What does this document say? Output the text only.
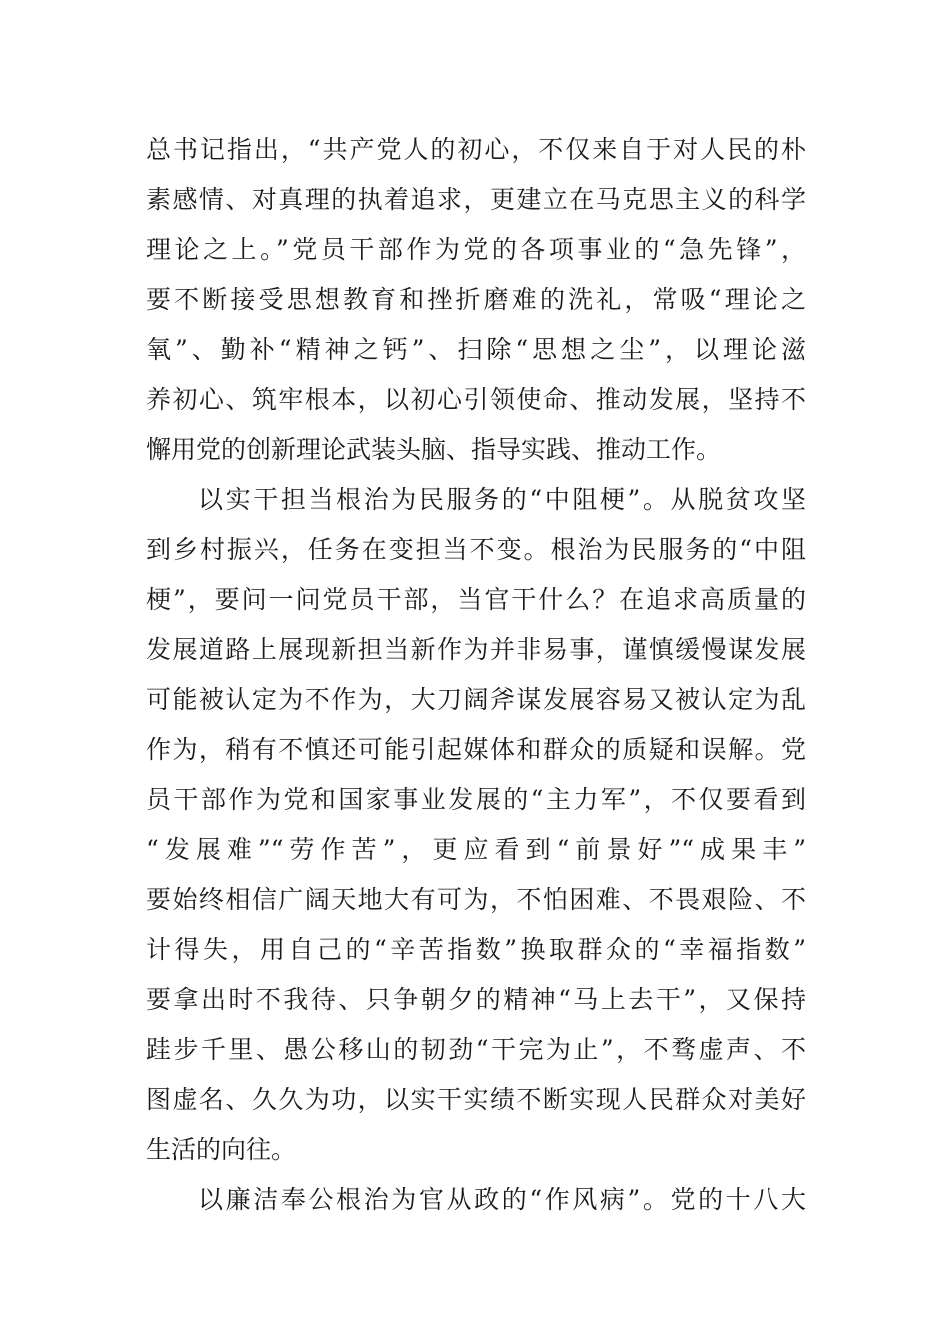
总书记指出，“共产党人的初心，不仅来自于对人民的朴
素感情、对真理的执着追求，更建立在马克思主义的科学
理论之上。”党员干部作为党的各项事业的“急先锋”，
要不断接受思想教育和挫折磨难的洗礼，常吸“理论之
氧”、勤补“精神之钙”、扫除“思想之尘”，以理论滋
养初心、筑牢根本，以初心引领使命、推动发展，坚持不
懈用党的创新理论武装头脑、指导实践、推动工作。
以实干担当根治为民服务的“中阻梗”。从脱贫攻坚
到乡村振兴，任务在变担当不变。根治为民服务的“中阻
梗”，要问一问党员干部，当官干什么？在追求高质量的
发展道路上展现新担当新作为并非易事，谨慎缓慢谋发展
可能被认定为不作为，大刀阔斧谋发展容易又被认定为乱
作为，稍有不慎还可能引起媒体和群众的质疑和误解。党
员干部作为党和国家事业发展的“主力军”，不仅要看到
“发展难”“劳作苦”，更应看到“前景好”“成果丰”
要始终相信广阔天地大有可为，不怕困难、不畏艰险、不
计得失，用自己的“辛苦指数”换取群众的“幸福指数”
要拿出时不我待、只争朝夕的精神“马上去干”，又保持
跬步千里、愚公移山的韧劲“干完为止”，不骛虚声、不
图虚名、久久为功，以实干实绩不断实现人民群众对美好
生活的向往。
以廉洁奉公根治为官从政的“作风病”。党的十八大
